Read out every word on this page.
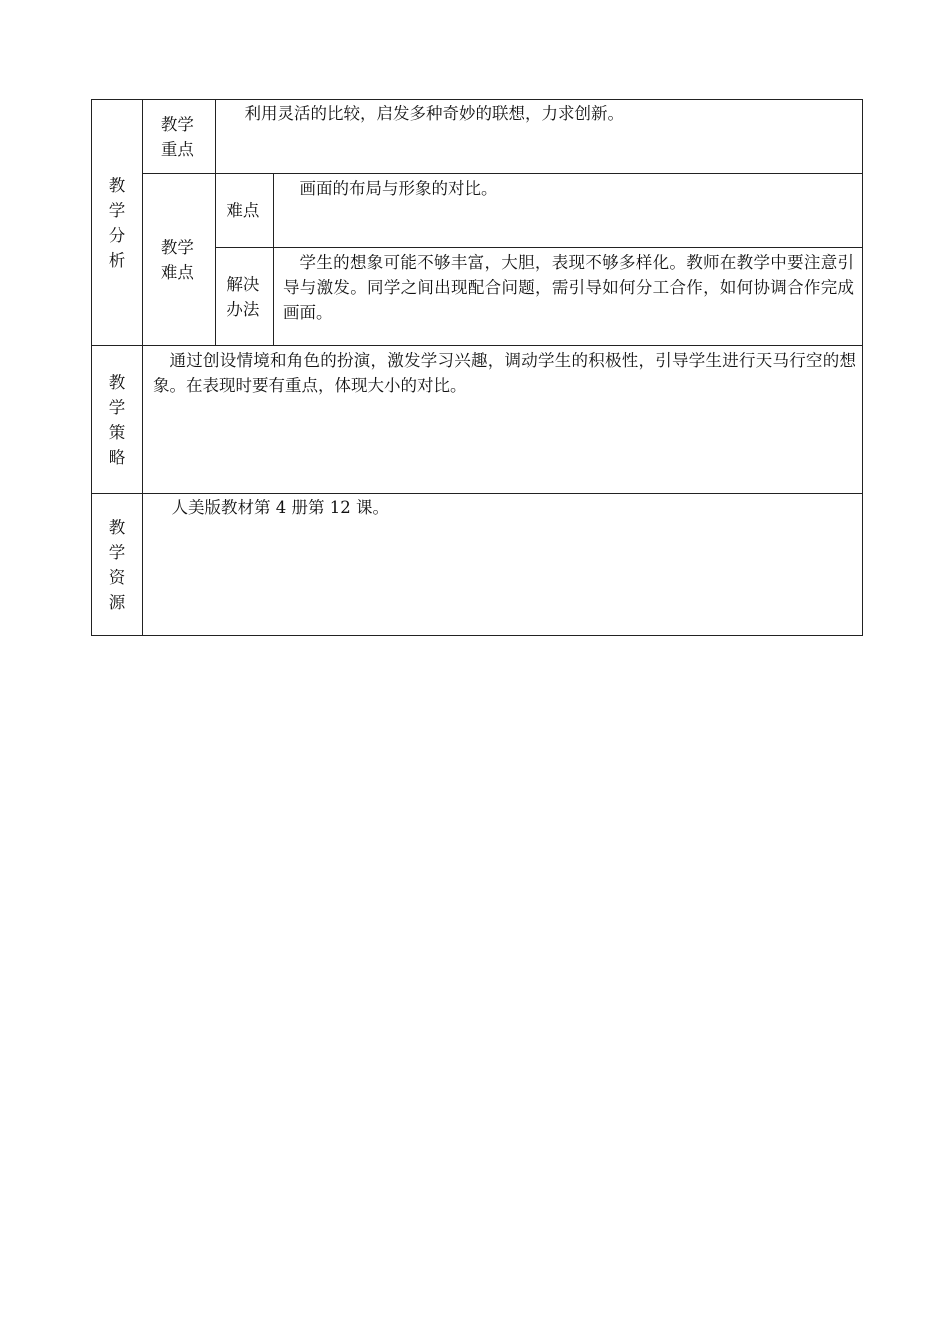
教学分析	教学重点	利用灵活的比较，启发多种奇妙的联想，力求创新。	
	教学难点	难点	画面的布局与形象的对比。
		解决办法	学生的想象可能不够丰富，大胆，表现不够多样化。教师在教学中要注意引导与激发。同学之间出现配合问题，需引导如何分工合作，如何协调合作完成画面。
教学策略	通过创设情境和角色的扮演，激发学习兴趣，调动学生的积极性，引导学生进行天马行空的想象。在表现时要有重点，体现大小的对比。		
教学资源	人美版教材第 4 册第 12 课。		
